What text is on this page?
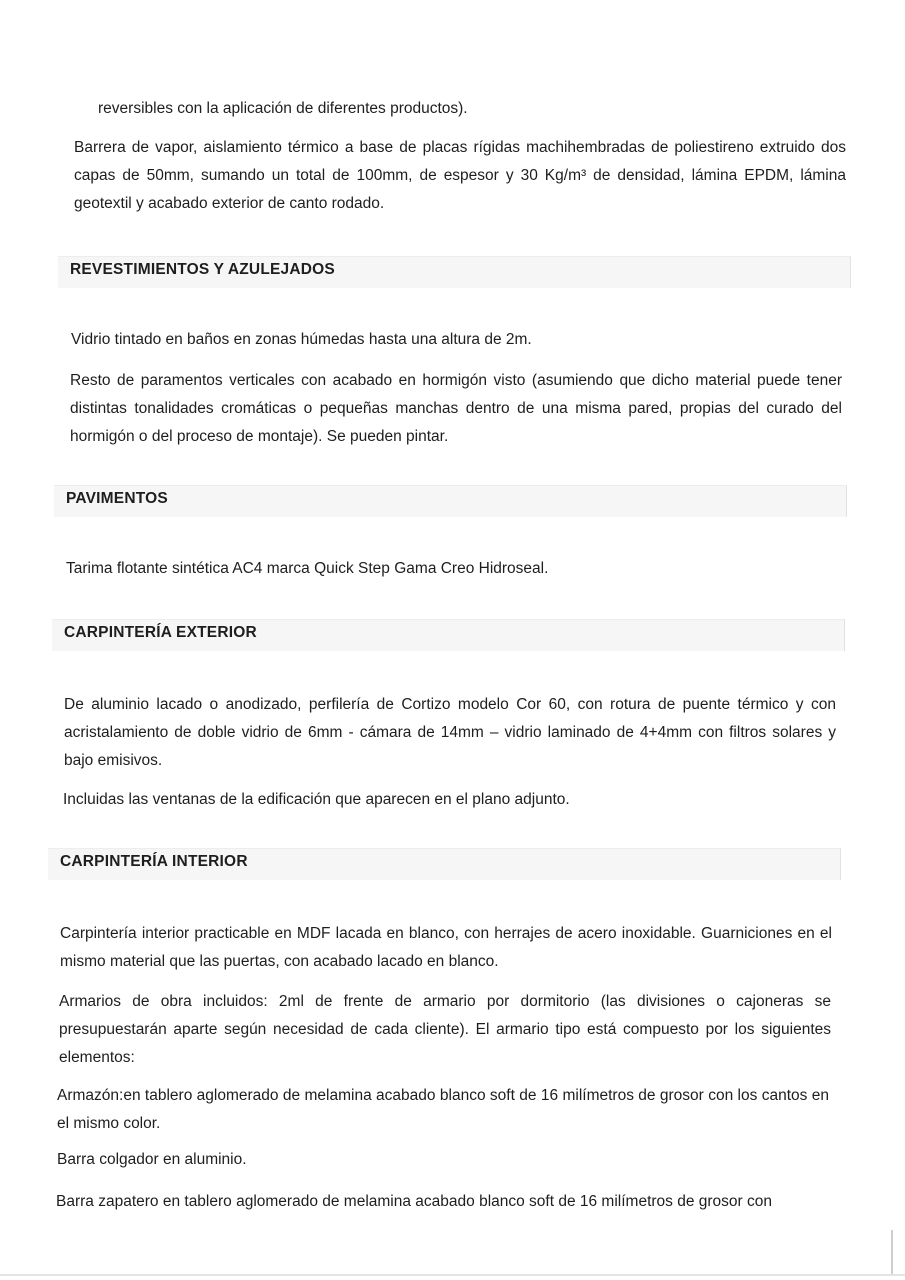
reversibles con la aplicación de diferentes productos).

Barrera de vapor, aislamiento térmico a base de placas rígidas machihembradas de poliestireno extruido dos capas de 50mm, sumando un total de 100mm, de espesor y 30 Kg/m³ de densidad, lámina EPDM, lámina geotextil y acabado exterior de canto rodado.

REVESTIMIENTOS Y AZULEJADOS

Vidrio tintado en baños en zonas húmedas hasta una altura de 2m.

Resto de paramentos verticales con acabado en hormigón visto (asumiendo que dicho material puede tener distintas tonalidades cromáticas o pequeñas manchas dentro de una misma pared, propias del curado del hormigón o del proceso de montaje). Se pueden pintar.

PAVIMENTOS

Tarima flotante sintética AC4 marca Quick Step Gama Creo Hidroseal.

CARPINTERÍA EXTERIOR

De aluminio lacado o anodizado, perfilería de Cortizo modelo Cor 60, con rotura de puente térmico y con acristalamiento de doble vidrio de 6mm - cámara de 14mm – vidrio laminado de 4+4mm con filtros solares y bajo emisivos.

Incluidas las ventanas de la edificación que aparecen en el plano adjunto.

CARPINTERÍA INTERIOR

Carpintería interior practicable en MDF lacada en blanco, con herrajes de acero inoxidable. Guarniciones en el mismo material que las puertas, con acabado lacado en blanco.

Armarios de obra incluidos: 2ml de frente de armario por dormitorio (las divisiones o cajoneras se presupuestarán aparte según necesidad de cada cliente). El armario tipo está compuesto por los siguientes elementos:

Armazón:en tablero aglomerado de melamina acabado blanco soft de 16 milímetros de grosor con los cantos en el mismo color.

Barra colgador en aluminio.

Barra zapatero en tablero aglomerado de melamina acabado blanco soft de 16 milímetros de grosor con
